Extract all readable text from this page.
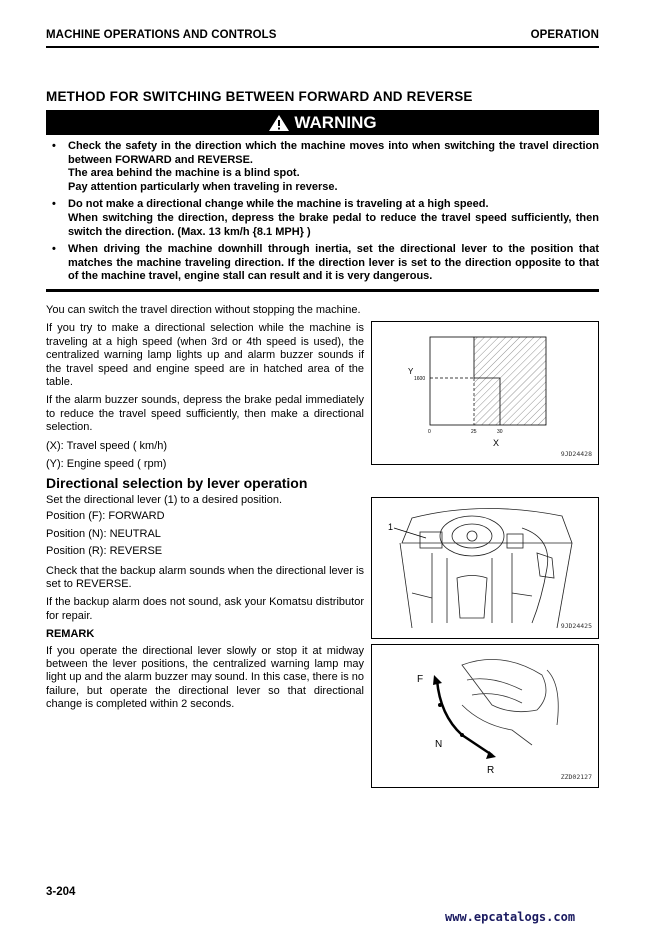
MACHINE OPERATIONS AND CONTROLS	OPERATION
METHOD FOR SWITCHING BETWEEN FORWARD AND REVERSE
WARNING
• Check the safety in the direction which the machine moves into when switching the travel direction between FORWARD and REVERSE.

The area behind the machine is a blind spot.

Pay attention particularly when traveling in reverse.

• Do not make a directional change while the machine is traveling at a high speed.

When switching the direction, depress the brake pedal to reduce the travel speed sufficiently, then switch the direction. (Max. 13 km/h {8.1 MPH} )

• When driving the machine downhill through inertia, set the directional lever to the position that matches the machine traveling direction. If the direction lever is set to the direction opposite to that of the machine travel, engine stall can result and it is very dangerous.

You can switch the travel direction without stopping the machine.

If you try to make a directional selection while the machine is traveling at a high speed (when 3rd or 4th speed is used), the centralized warning lamp lights up and alarm buzzer sounds if the travel speed and engine speed are in hatched area of the table.

If the alarm buzzer sounds, depress the brake pedal immediately to reduce the travel speed sufficiently, then make a directional selection.

(X): Travel speed ( km/h)

(Y): Engine speed ( rpm)

Y
1600
0	25	30
X
9JD24428
Directional selection by lever operation

Set the directional lever (1) to a desired position.

Position (F): FORWARD

Position (N): NEUTRAL

Position (R): REVERSE

Check that the backup alarm sounds when the directional lever is set to REVERSE.

If the backup alarm does not sound, ask your Komatsu distributor for repair.

REMARK

If you operate the directional lever slowly or stop it at midway between the lever positions, the centralized warning lamp may light up and the alarm buzzer may sound. In this case, there is no failure, but operate the directional lever so that directional change is completed within 2 seconds.

1
9JD24425
F
N
R
ZZD02127
3-204
www.epcatalogs.com
